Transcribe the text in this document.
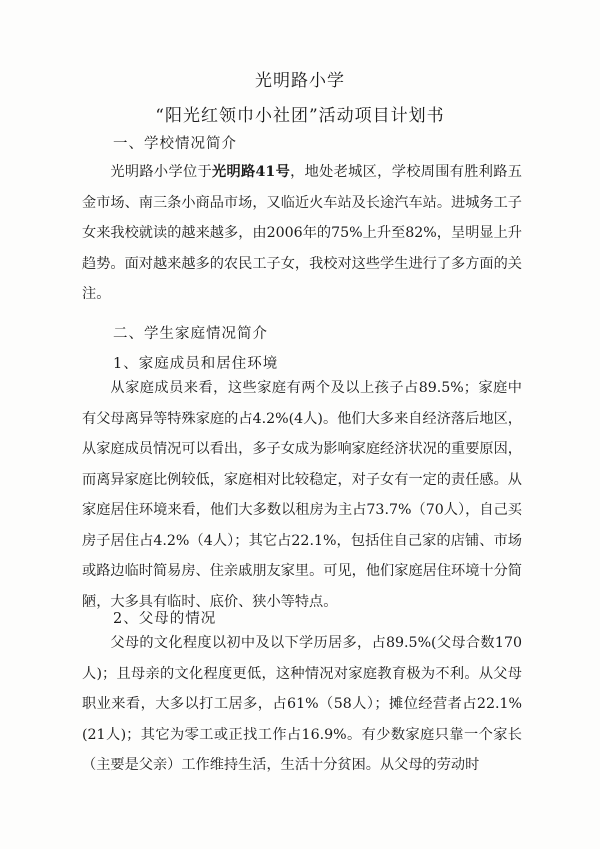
光明路小学
“阳光红领巾小社团”活动项目计划书
一、学校情况简介

光明路小学位于光明路41号，地处老城区，学校周围有胜利路五金市场、南三条小商品市场，又临近火车站及长途汽车站。进城务工子女来我校就读的越来越多，由2006年的75%上升至82%，呈明显上升趋势。面对越来越多的农民工子女，我校对这些学生进行了多方面的关注。

二、学生家庭情况简介
1、家庭成员和居住环境

从家庭成员来看，这些家庭有两个及以上孩子占89.5%；家庭中有父母离异等特殊家庭的占4.2%(4人)。他们大多来自经济落后地区，从家庭成员情况可以看出，多子女成为影响家庭经济状况的重要原因，而离异家庭比例较低，家庭相对比较稳定，对子女有一定的责任感。从家庭居住环境来看，他们大多数以租房为主占73.7%（70人），自己买房子居住占4.2%（4人）；其它占22.1%，包括住自己家的店铺、市场或路边临时简易房、住亲戚朋友家里。可见，他们家庭居住环境十分简陋，大多具有临时、底价、狭小等特点。

2、父母的情况

父母的文化程度以初中及以下学历居多，占89.5%(父母合数170人)；且母亲的文化程度更低，这种情况对家庭教育极为不利。从父母职业来看，大多以打工居多，占61%（58人）；摊位经营者占22.1%(21人)；其它为零工或正找工作占16.9%。有少数家庭只靠一个家长（主要是父亲）工作维持生活，生活十分贫困。从父母的劳动时
